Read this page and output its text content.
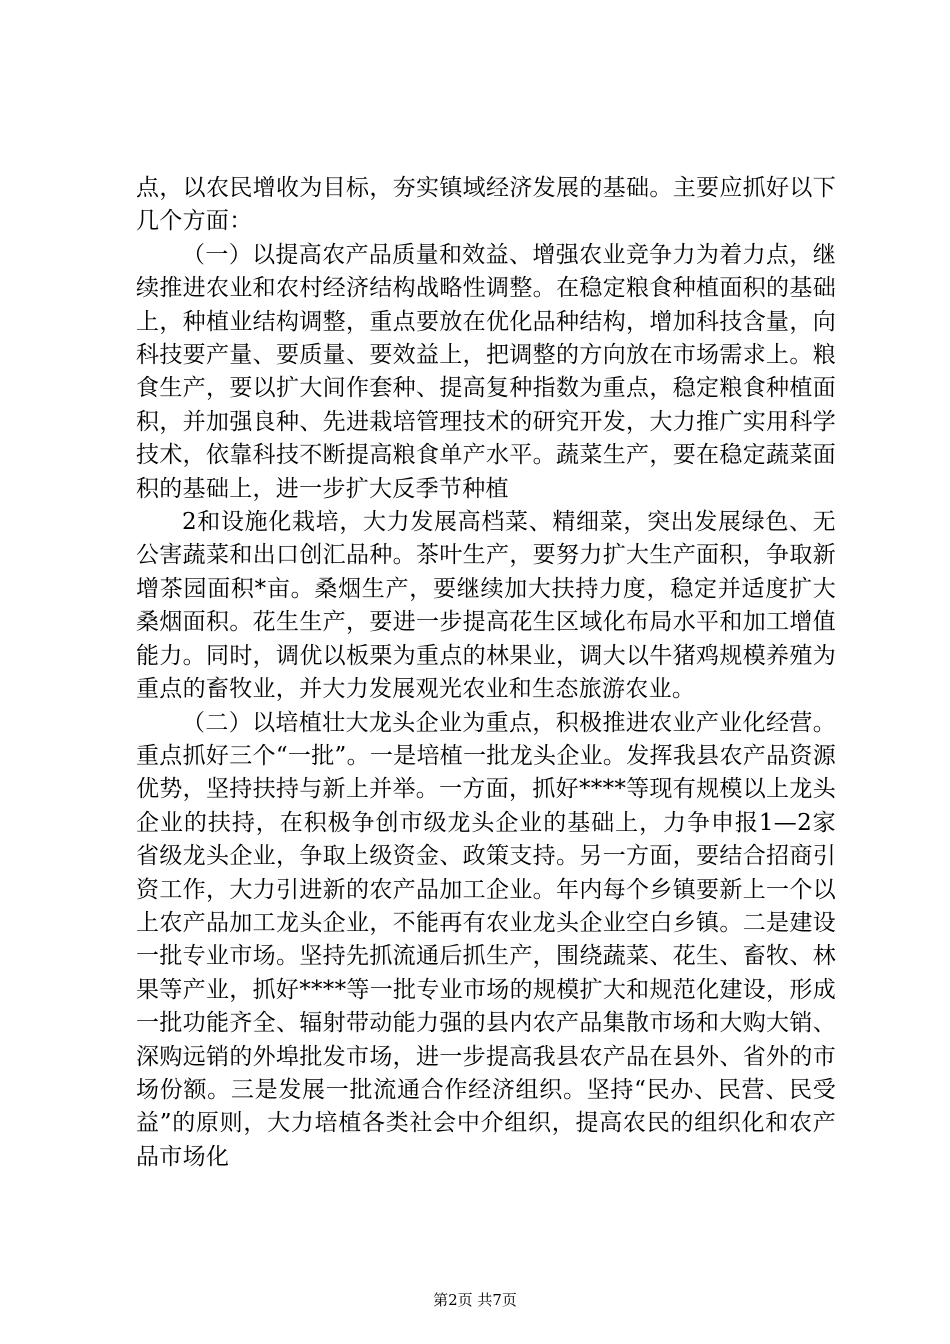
点，以农民增收为目标，夯实镇域经济发展的基础。主要应抓好以下几个方面：

（一）以提高农产品质量和效益、增强农业竞争力为着力点，继续推进农业和农村经济结构战略性调整。在稳定粮食种植面积的基础上，种植业结构调整，重点要放在优化品种结构，增加科技含量，向科技要产量、要质量、要效益上，把调整的方向放在市场需求上。粮食生产，要以扩大间作套种、提高复种指数为重点，稳定粮食种植面积，并加强良种、先进栽培管理技术的研究开发，大力推广实用科学技术，依靠科技不断提高粮食单产水平。蔬菜生产，要在稳定蔬菜面积的基础上，进一步扩大反季节种植

2和设施化栽培，大力发展高档菜、精细菜，突出发展绿色、无公害蔬菜和出口创汇品种。茶叶生产，要努力扩大生产面积，争取新增茶园面积*亩。桑烟生产，要继续加大扶持力度，稳定并适度扩大桑烟面积。花生生产，要进一步提高花生区域化布局水平和加工增值能力。同时，调优以板栗为重点的林果业，调大以牛猪鸡规模养殖为重点的畜牧业，并大力发展观光农业和生态旅游农业。

（二）以培植壮大龙头企业为重点，积极推进农业产业化经营。重点抓好三个“一批”。一是培植一批龙头企业。发挥我县农产品资源优势，坚持扶持与新上并举。一方面，抓好****等现有规模以上龙头企业的扶持，在积极争创市级龙头企业的基础上，力争申报1—2家省级龙头企业，争取上级资金、政策支持。另一方面，要结合招商引资工作，大力引进新的农产品加工企业。年内每个乡镇要新上一个以上农产品加工龙头企业，不能再有农业龙头企业空白乡镇。二是建设一批专业市场。坚持先抓流通后抓生产，围绕蔬菜、花生、畜牧、林果等产业，抓好****等一批专业市场的规模扩大和规范化建设，形成一批功能齐全、辐射带动能力强的县内农产品集散市场和大购大销、深购远销的外埠批发市场，进一步提高我县农产品在县外、省外的市场份额。三是发展一批流通合作经济组织。坚持“民办、民营、民受益”的原则，大力培植各类社会中介组织，提高农民的组织化和农产品市场化

第2页 共7页
